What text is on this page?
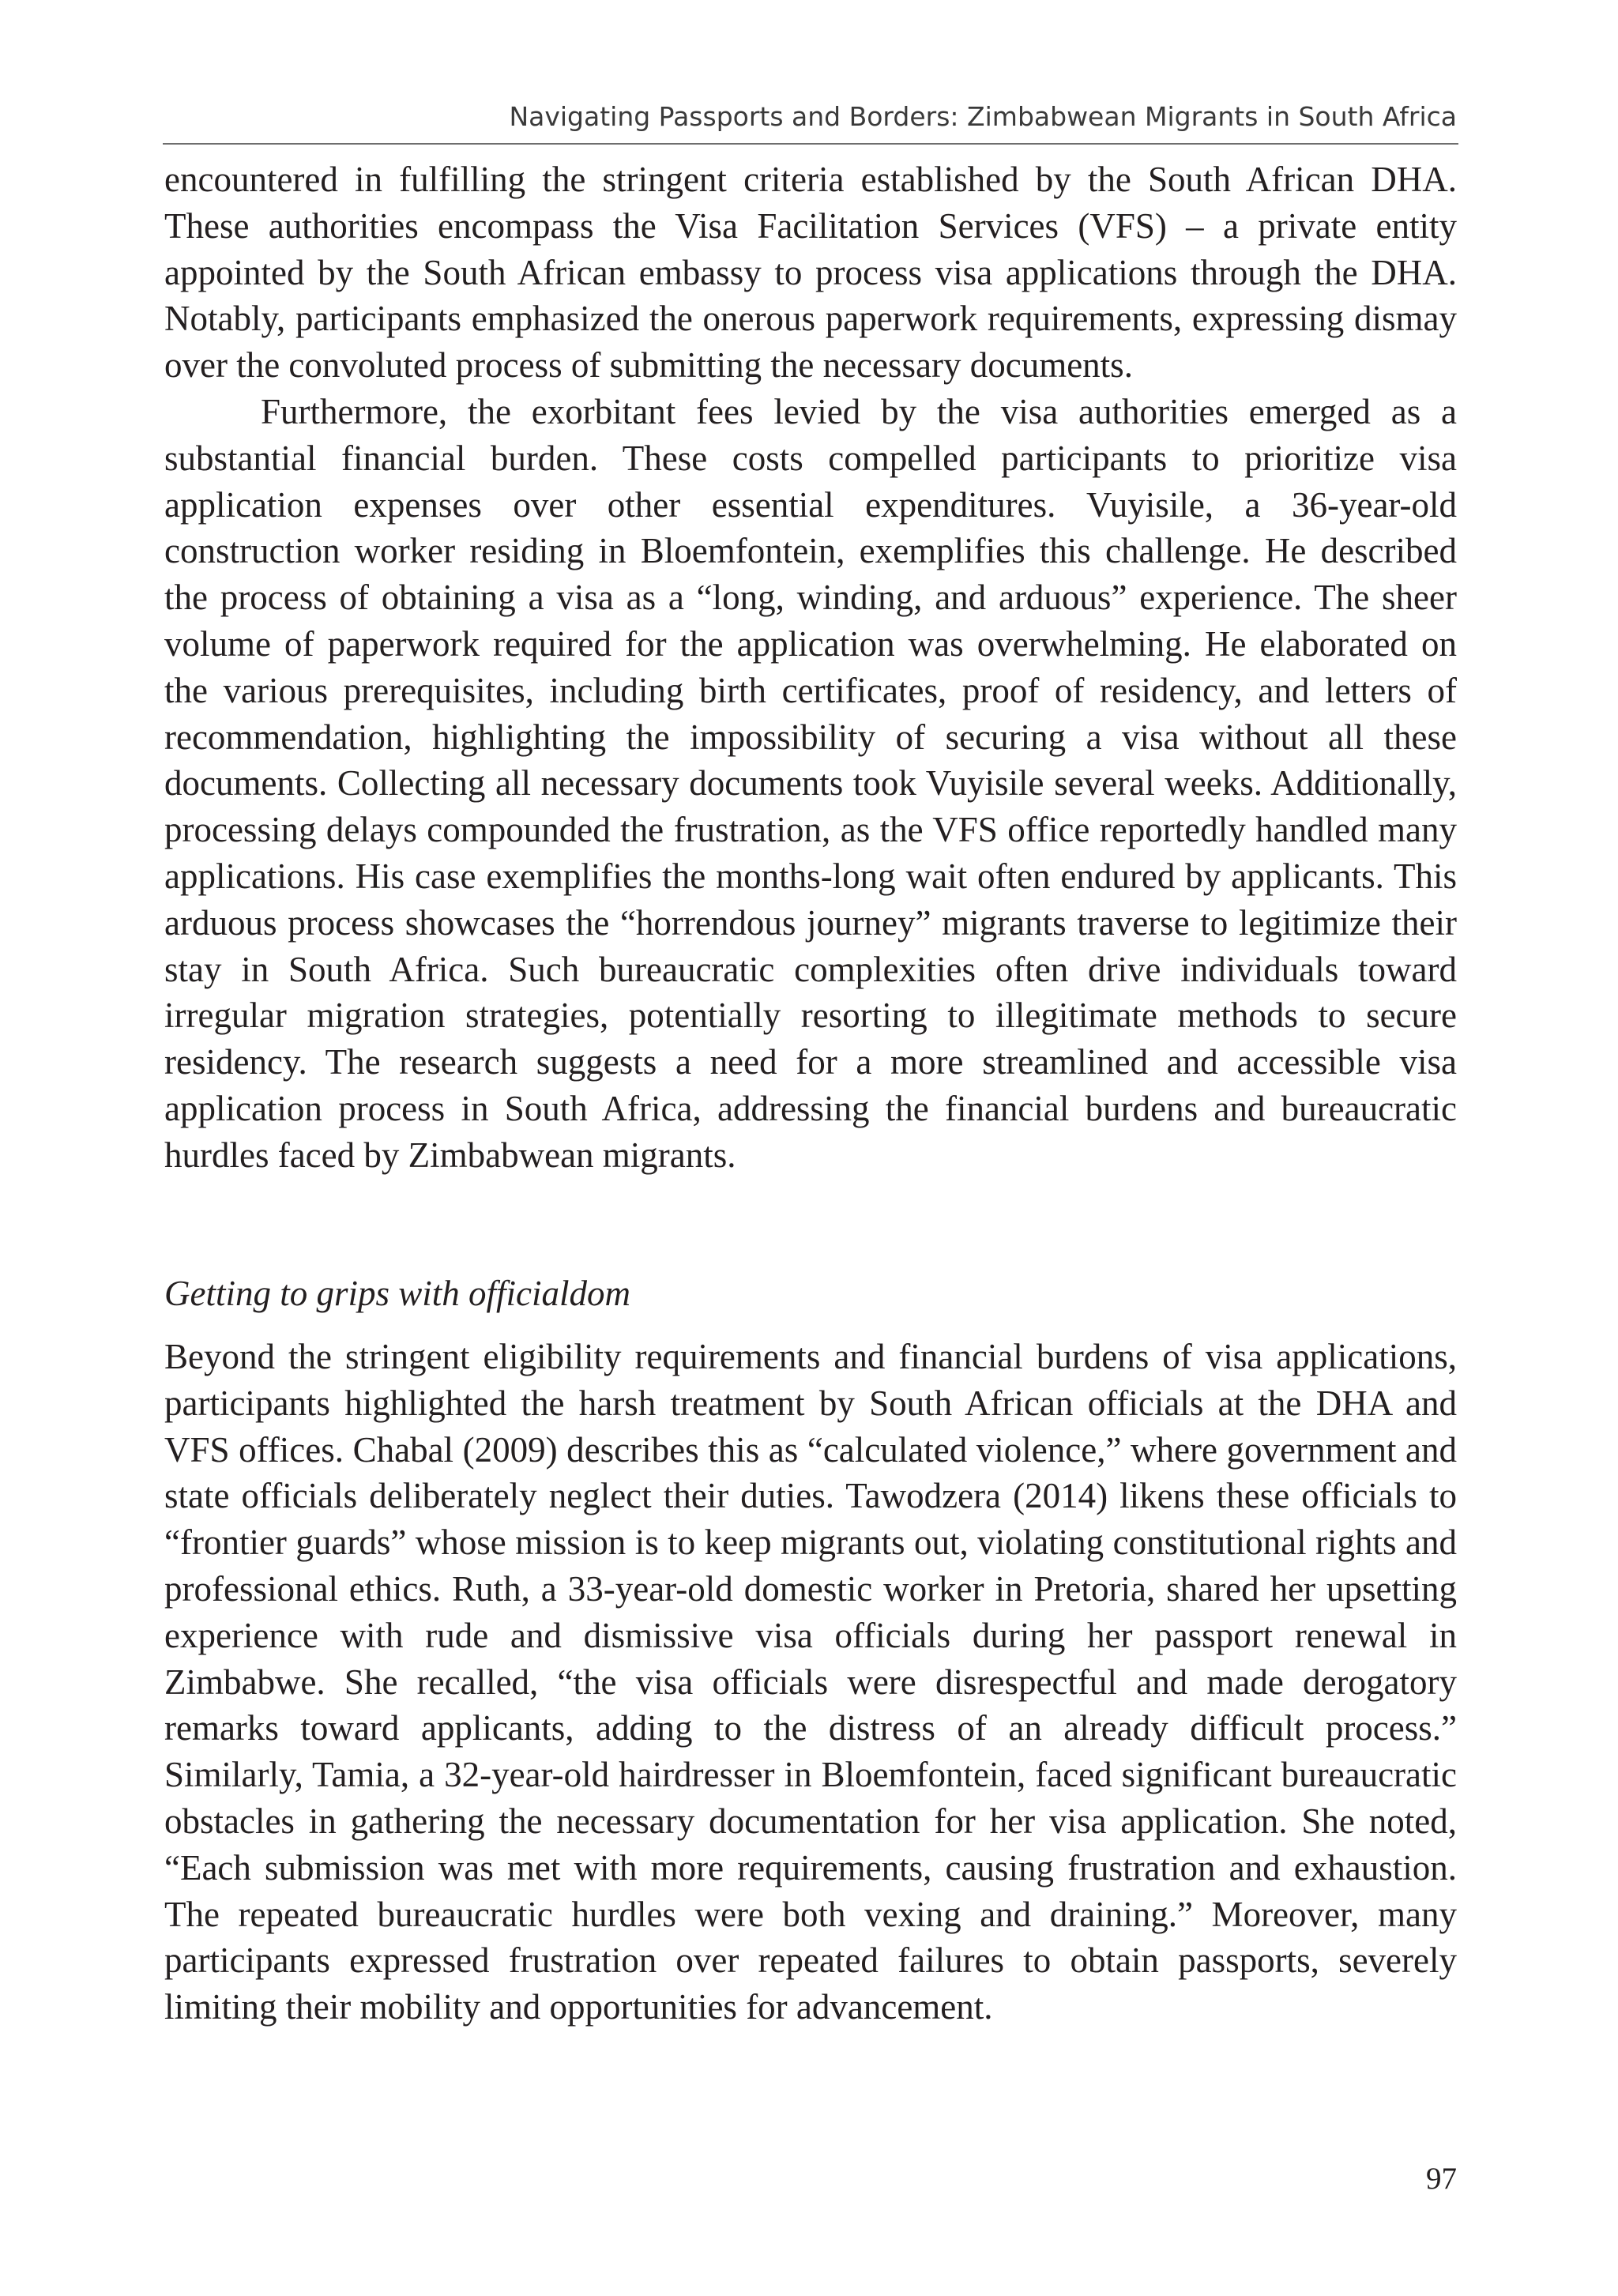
Navigating Passports and Borders: Zimbabwean Migrants in South Africa

encountered in fulfilling the stringent criteria established by the South African DHA. These authorities encompass the Visa Facilitation Services (VFS) – a private entity appointed by the South African embassy to process visa applications through the DHA. Notably, participants emphasized the onerous paperwork requirements, expressing dismay over the convoluted process of submitting the necessary documents.

Furthermore, the exorbitant fees levied by the visa authorities emerged as a substantial financial burden. These costs compelled participants to prioritize visa application expenses over other essential expenditures. Vuyisile, a 36-year-old construction worker residing in Bloemfontein, exemplifies this challenge. He described the process of obtaining a visa as a “long, winding, and arduous” experience. The sheer volume of paperwork required for the application was overwhelming. He elaborated on the various prerequisites, including birth certificates, proof of residency, and letters of recommendation, highlighting the impossibility of securing a visa without all these documents. Collecting all necessary documents took Vuyisile several weeks. Additionally, processing delays compounded the frustration, as the VFS office reportedly handled many applications. His case exemplifies the months-long wait often endured by applicants. This arduous process showcases the “horrendous journey” migrants traverse to legitimize their stay in South Africa. Such bureaucratic complexities often drive individuals toward irregular migration strategies, potentially resorting to illegitimate methods to secure residency. The research suggests a need for a more streamlined and accessible visa application process in South Africa, addressing the financial burdens and bureaucratic hurdles faced by Zimbabwean migrants.

Getting to grips with officialdom

Beyond the stringent eligibility requirements and financial burdens of visa applications, participants highlighted the harsh treatment by South African officials at the DHA and VFS offices. Chabal (2009) describes this as “calculated violence,” where government and state officials deliberately neglect their duties. Tawodzera (2014) likens these officials to “frontier guards” whose mission is to keep migrants out, violating constitutional rights and professional ethics. Ruth, a 33-year-old domestic worker in Pretoria, shared her upsetting experience with rude and dismissive visa officials during her passport renewal in Zimbabwe. She recalled, “the visa officials were disrespectful and made derogatory remarks toward applicants, adding to the distress of an already difficult process.” Similarly, Tamia, a 32-year-old hairdresser in Bloemfontein, faced significant bureaucratic obstacles in gathering the necessary documentation for her visa application. She noted, “Each submission was met with more requirements, causing frustration and exhaustion. The repeated bureaucratic hurdles were both vexing and draining.” Moreover, many participants expressed frustration over repeated failures to obtain passports, severely limiting their mobility and opportunities for advancement.

97
